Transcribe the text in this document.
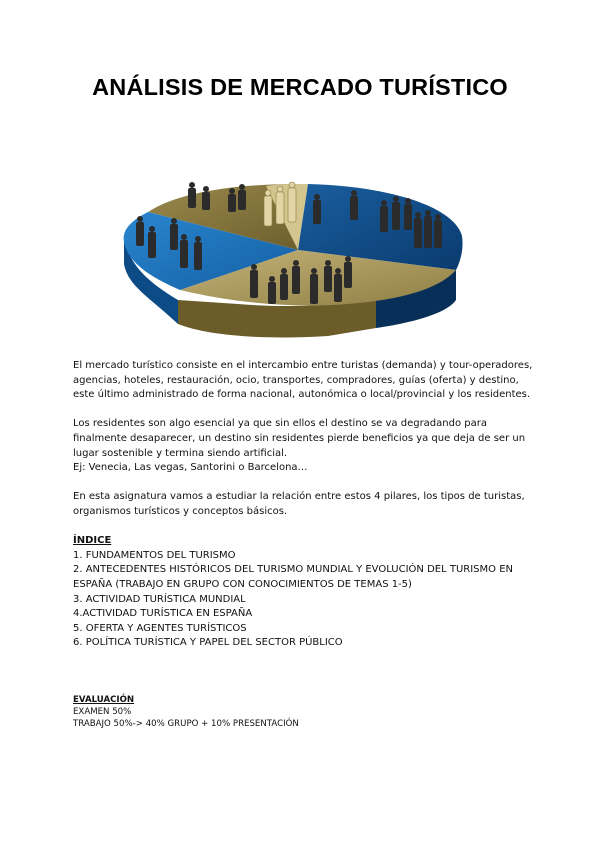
ANÁLISIS DE MERCADO TURÍSTICO

El mercado turístico consiste en el intercambio entre turistas (demanda) y tour-operadores, agencias, hoteles, restauración, ocio, transportes, compradores, guías (oferta) y destino, este último administrado de forma nacional, autonómica o local/provincial y los residentes.

Los residentes son algo esencial ya que sin ellos el destino se va degradando para finalmente desaparecer, un destino sin residentes pierde beneficios ya que deja de ser un lugar sostenible y termina siendo artificial.

Ej: Venecia, Las vegas, Santorini o Barcelona…

En esta asignatura vamos a estudiar la relación entre estos 4 pilares, los tipos de turistas, organismos turísticos y conceptos básicos.

ÍNDICE

1. FUNDAMENTOS DEL TURISMO

2. ANTECEDENTES HISTÓRICOS DEL TURISMO MUNDIAL Y EVOLUCIÓN DEL TURISMO EN ESPAÑA (TRABAJO EN GRUPO CON CONOCIMIENTOS DE TEMAS 1-5)

3. ACTIVIDAD TURÍSTICA MUNDIAL

4.ACTIVIDAD TURÍSTICA EN ESPAÑA

5. OFERTA Y AGENTES TURÍSTICOS

6. POLÍTICA TURÍSTICA Y PAPEL DEL SECTOR PÚBLICO

EVALUACIÓN

EXAMEN 50%

TRABAJO 50%-> 40% GRUPO + 10% PRESENTACIÓN
